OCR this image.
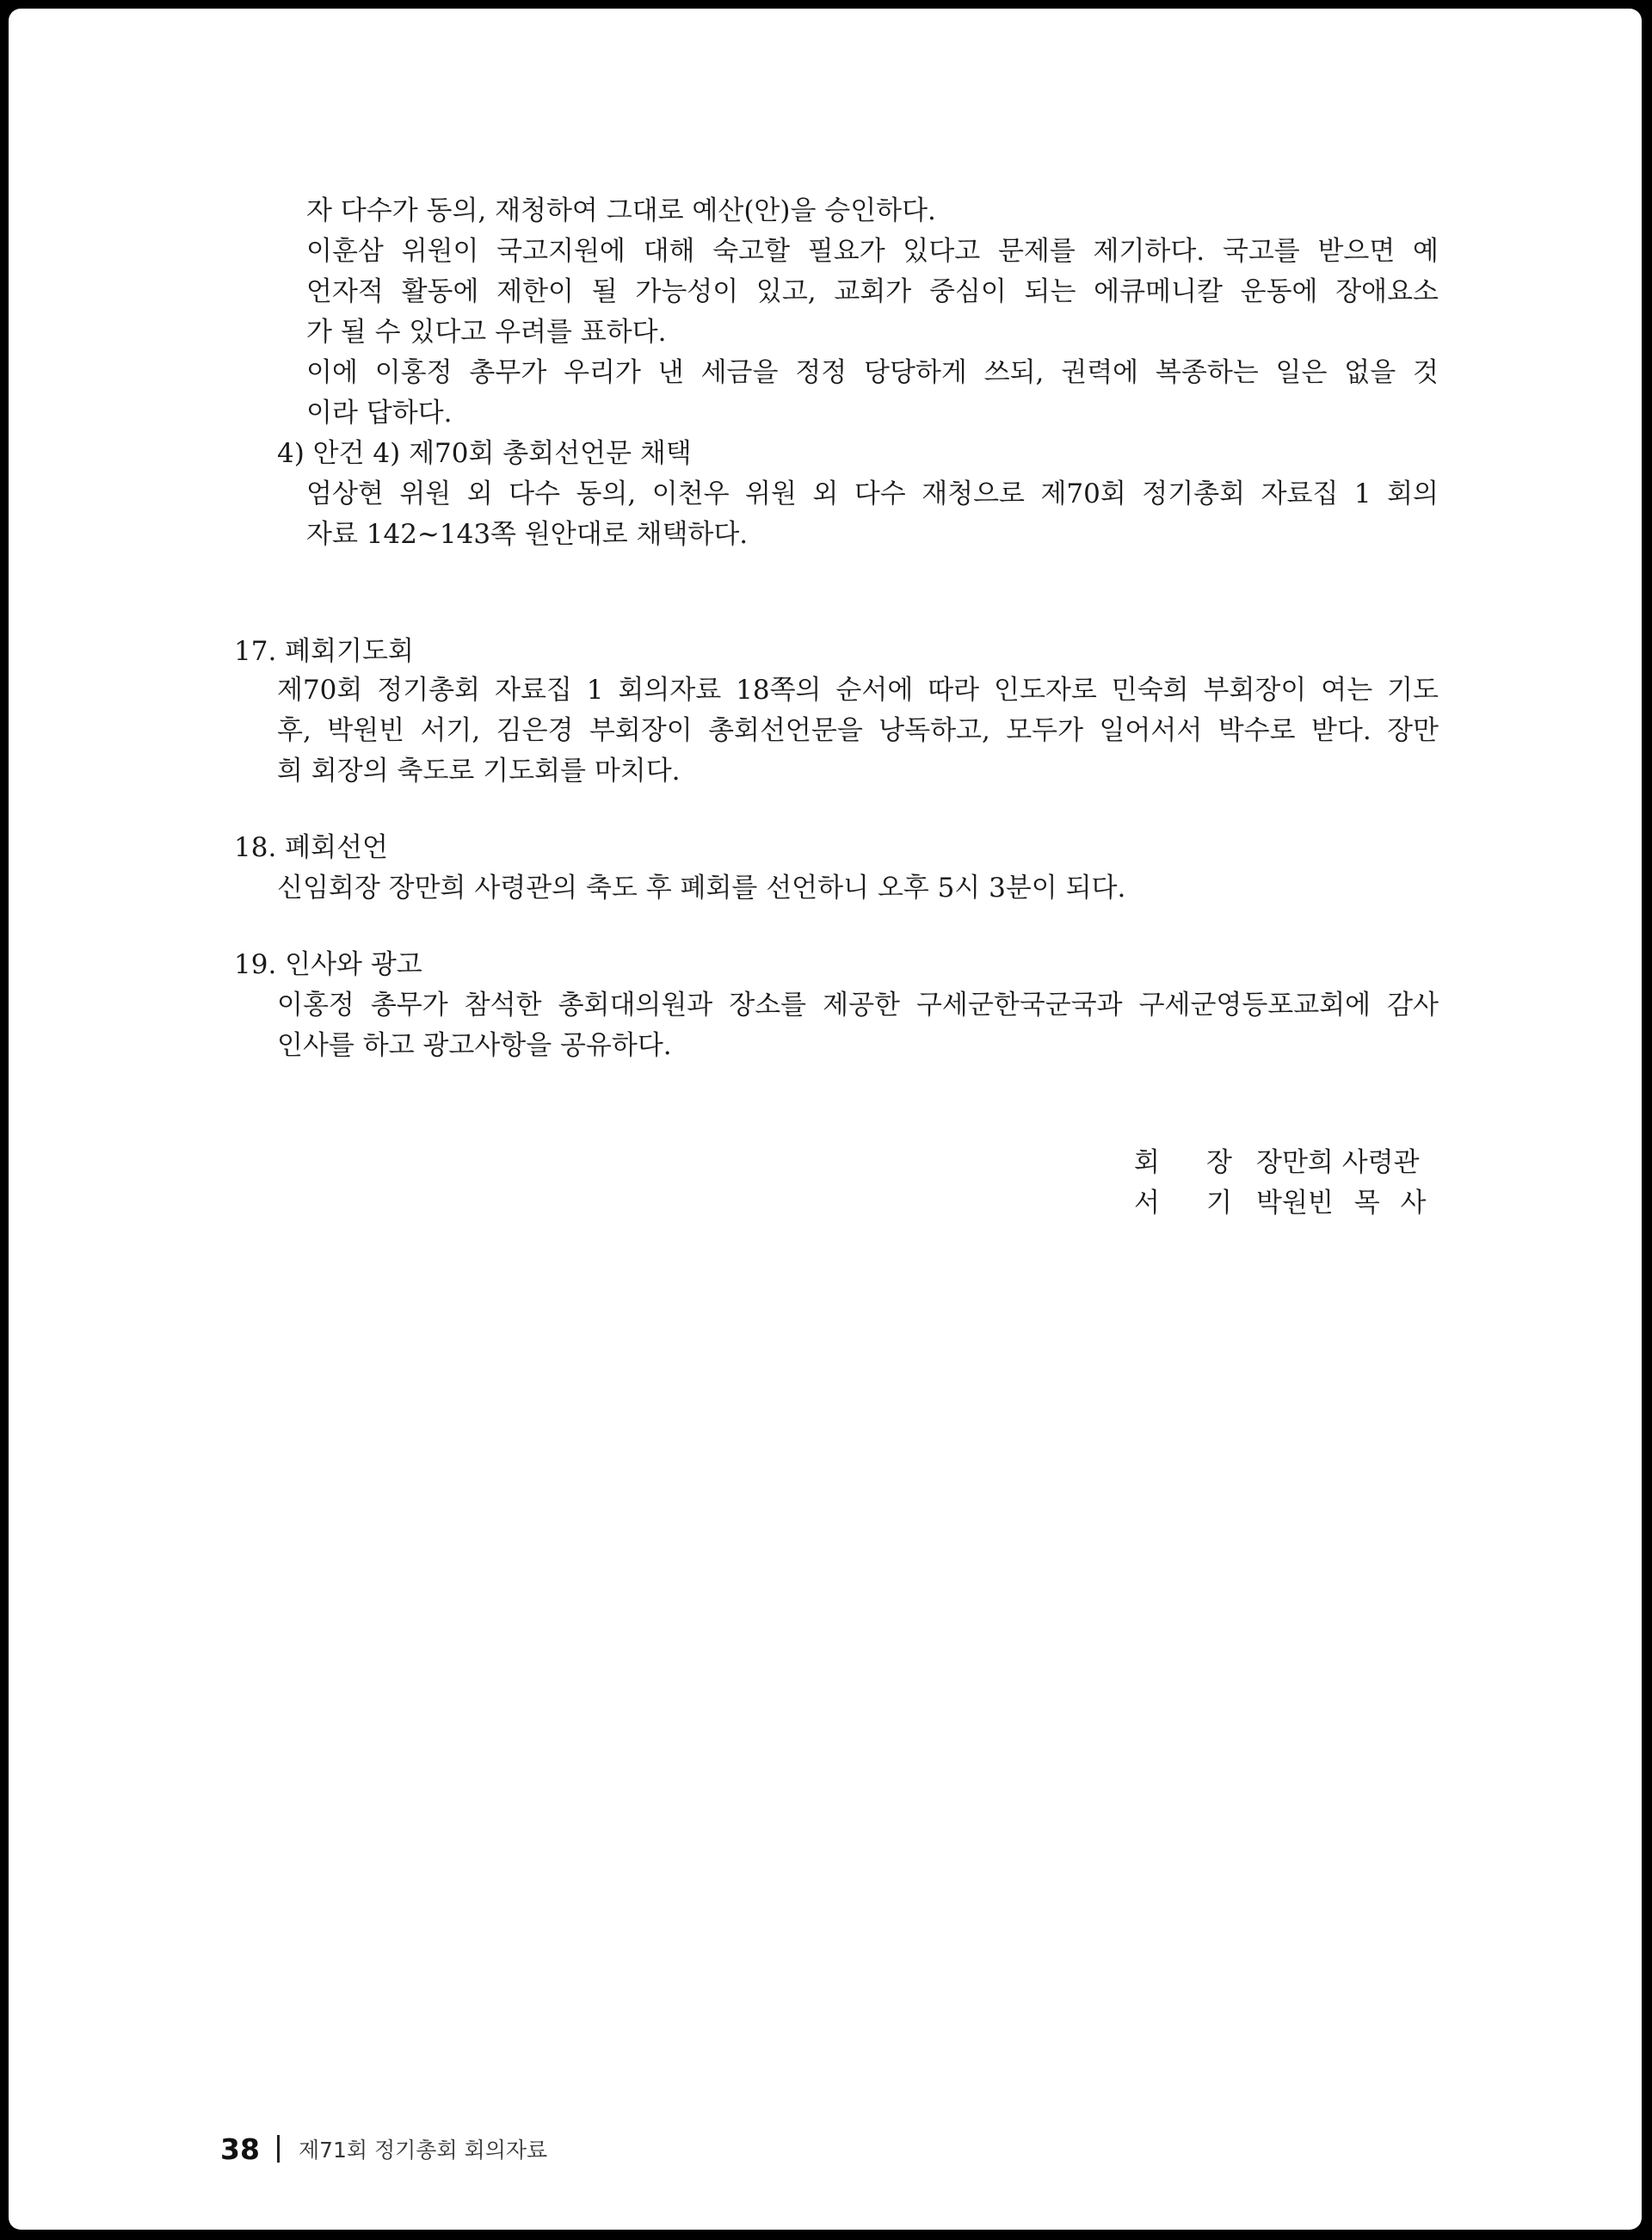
자 다수가 동의, 재청하여 그대로 예산(안)을 승인하다.
이훈삼 위원이 국고지원에 대해 숙고할 필요가 있다고 문제를 제기하다. 국고를 받으면 예
언자적 활동에 제한이 될 가능성이 있고, 교회가 중심이 되는 에큐메니칼 운동에 장애요소
가 될 수 있다고 우려를 표하다.
이에 이홍정 총무가 우리가 낸 세금을 정정 당당하게 쓰되, 권력에 복종하는 일은 없을 것
이라 답하다.
4) 안건 4) 제70회 총회선언문 채택
엄상현 위원 외 다수 동의, 이천우 위원 외 다수 재청으로 제70회 정기총회 자료집 1 회의
자료 142~143쪽 원안대로 채택하다.
17. 폐회기도회
제70회 정기총회 자료집 1 회의자료 18쪽의 순서에 따라 인도자로 민숙희 부회장이 여는 기도
후, 박원빈 서기, 김은경 부회장이 총회선언문을 낭독하고, 모두가 일어서서 박수로 받다. 장만
희 회장의 축도로 기도회를 마치다.
18. 폐회선언
신임회장 장만희 사령관의 축도 후 폐회를 선언하니 오후 5시 3분이 되다.
19. 인사와 광고
이홍정 총무가 참석한 총회대의원과 장소를 제공한 구세군한국군국과 구세군영등포교회에 감사
인사를 하고 광고사항을 공유하다.
회 장 장만희 사령관
서 기 박원빈 목 사
38 제71회 정기총회 회의자료
